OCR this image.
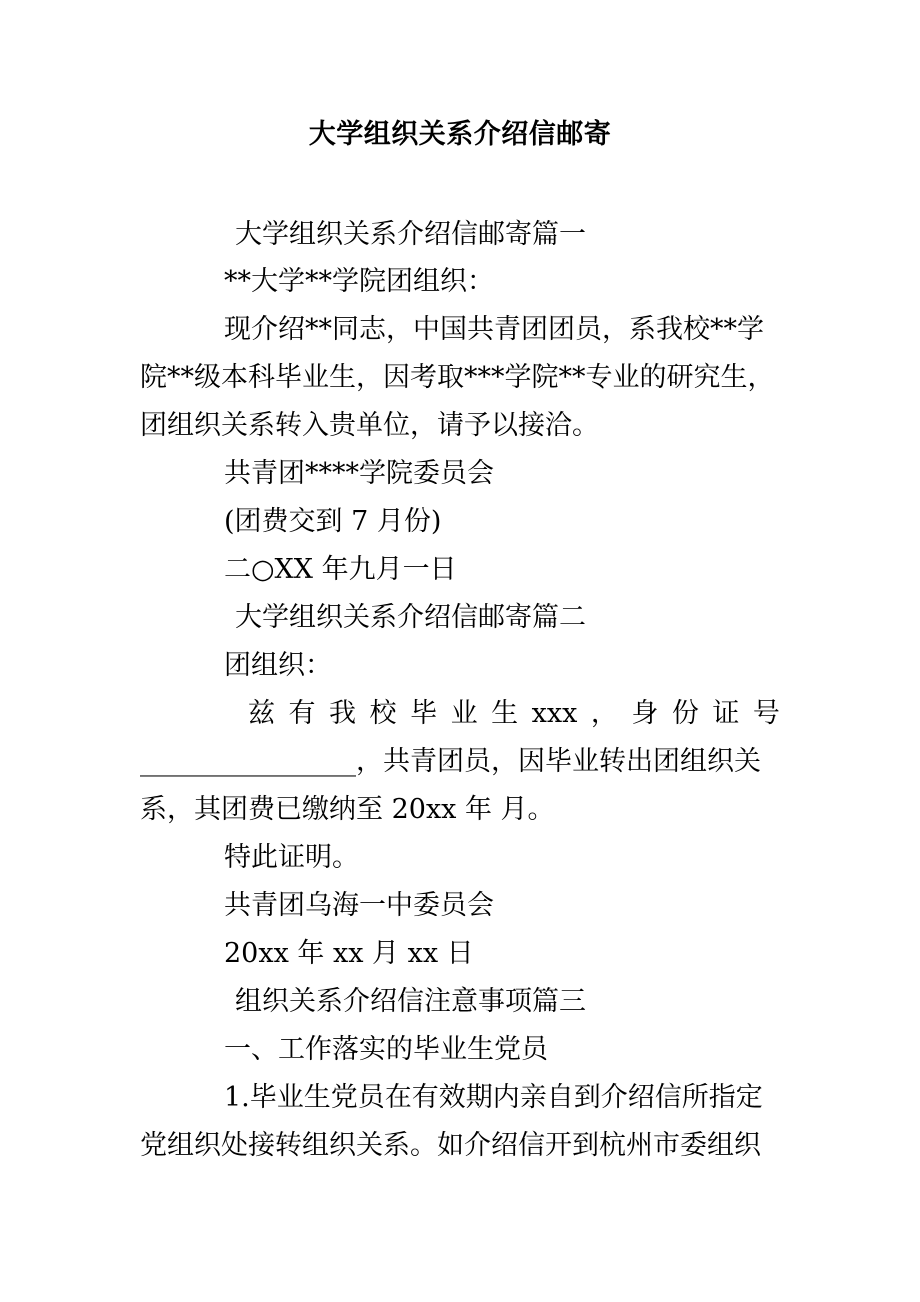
大学组织关系介绍信邮寄
大学组织关系介绍信邮寄篇一
**大学**学院团组织：
现介绍**同志，中国共青团团员，系我校**学
院**级本科毕业生，因考取***学院**专业的研究生，
团组织关系转入贵单位，请予以接洽。
共青团****学院委员会
(团费交到 7 月份)
二○XX 年九月一日
大学组织关系介绍信邮寄篇二
团组织：
兹 有 我 校 毕 业 生 xxx ， 身 份 证 号
________________，共青团员，因毕业转出团组织关
系，其团费已缴纳至 20xx 年 月。
特此证明。
共青团乌海一中委员会
20xx 年 xx 月 xx 日
组织关系介绍信注意事项篇三
一、工作落实的毕业生党员
1.毕业生党员在有效期内亲自到介绍信所指定
党组织处接转组织关系。如介绍信开到杭州市委组织
